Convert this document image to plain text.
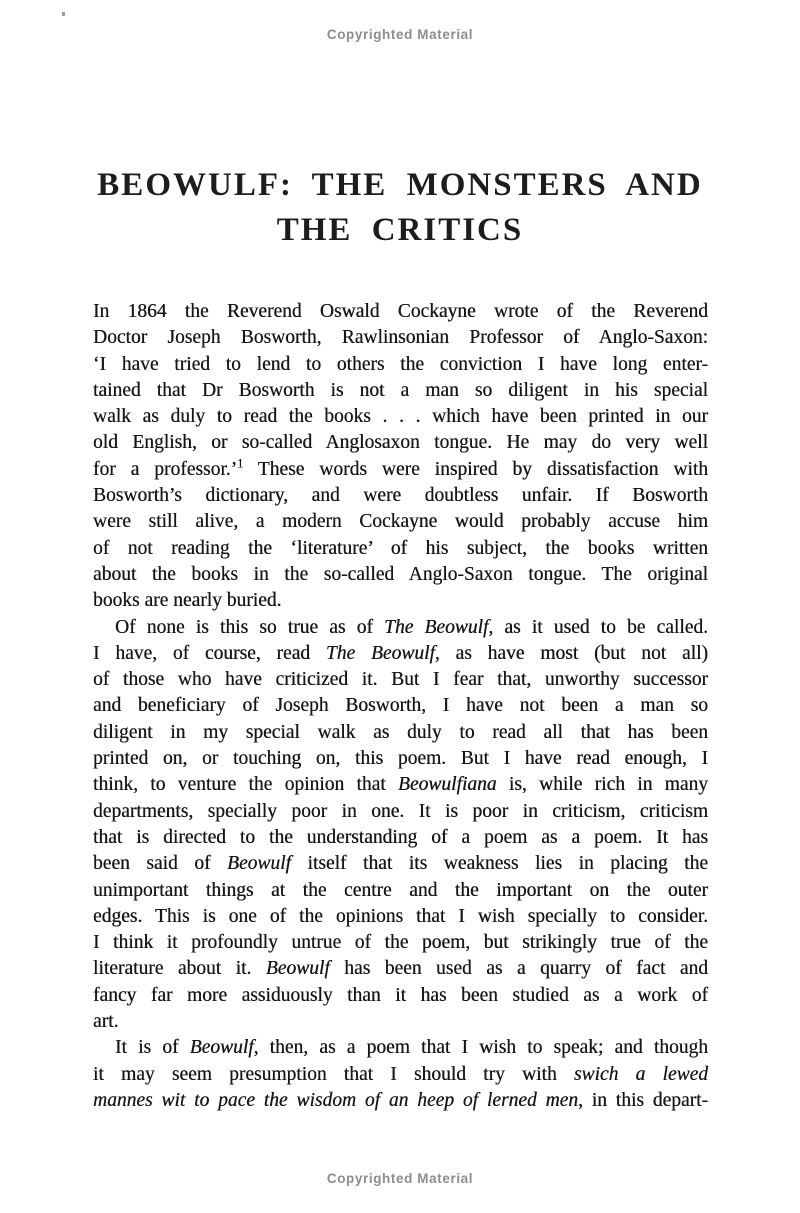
Copyrighted Material
BEOWULF: THE MONSTERS AND
THE CRITICS
In 1864 the Reverend Oswald Cockayne wrote of the Reverend
Doctor Joseph Bosworth, Rawlinsonian Professor of Anglo-Saxon:
‘I have tried to lend to others the conviction I have long enter-
tained that Dr Bosworth is not a man so diligent in his special
walk as duly to read the books . . . which have been printed in our
old English, or so-called Anglosaxon tongue. He may do very well
for a professor.’$^1$ These words were inspired by dissatisfaction with
Bosworth’s dictionary, and were doubtless unfair. If Bosworth
were still alive, a modern Cockayne would probably accuse him
of not reading the ‘literature’ of his subject, the books written
about the books in the so-called Anglo-Saxon tongue. The original
books are nearly buried.
Of none is this so true as of The Beowulf, as it used to be called.
I have, of course, read The Beowulf, as have most (but not all)
of those who have criticized it. But I fear that, unworthy successor
and beneficiary of Joseph Bosworth, I have not been a man so
diligent in my special walk as duly to read all that has been
printed on, or touching on, this poem. But I have read enough, I
think, to venture the opinion that Beowulfiana is, while rich in many
departments, specially poor in one. It is poor in criticism, criticism
that is directed to the understanding of a poem as a poem. It has
been said of Beowulf itself that its weakness lies in placing the
unimportant things at the centre and the important on the outer
edges. This is one of the opinions that I wish specially to consider.
I think it profoundly untrue of the poem, but strikingly true of the
literature about it. Beowulf has been used as a quarry of fact and
fancy far more assiduously than it has been studied as a work of
art.
It is of Beowulf, then, as a poem that I wish to speak; and though
it may seem presumption that I should try with swich a lewed
mannes wit to pace the wisdom of an heep of lerned men, in this depart-
Copyrighted Material
